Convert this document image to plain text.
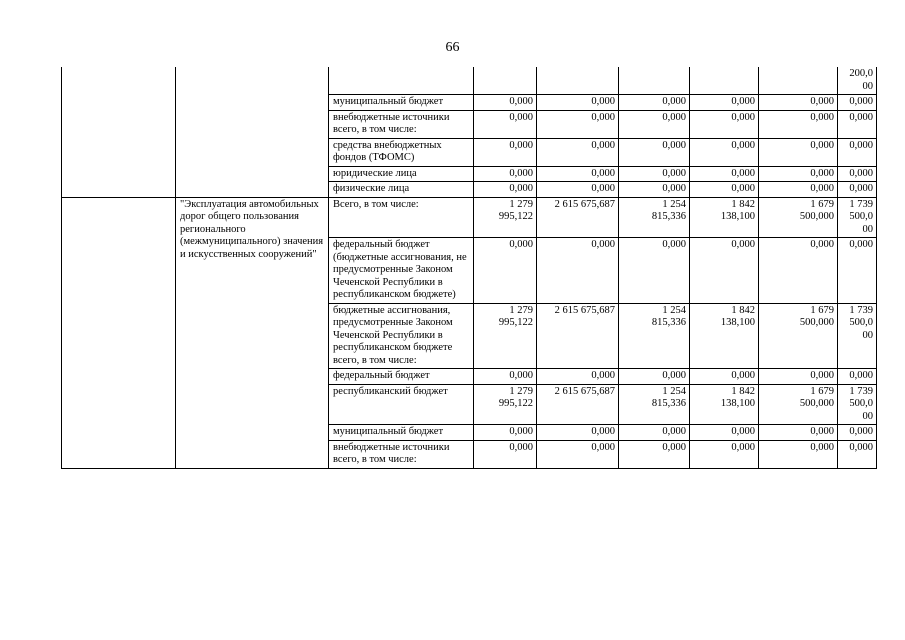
66
								200,0
00
		муниципальный бюджет	0,000	0,000	0,000	0,000	0,000	0,000
		внебюджетные источники всего, в том числе:	0,000	0,000	0,000	0,000	0,000	0,000
		средства внебюджетных фондов (ТФОМС)	0,000	0,000	0,000	0,000	0,000	0,000
		юридические лица	0,000	0,000	0,000	0,000	0,000	0,000
		физические лица	0,000	0,000	0,000	0,000	0,000	0,000
	"Эксплуатация автомобильных дорог общего пользования регионального (межмуниципального) значения и искусственных сооружений"	Всего, в том числе:	1 279
995,122	2 615 675,687	1 254
815,336	1 842
138,100	1 679
500,000	1 739
500,0
00
		федеральный бюджет (бюджетные ассигнования, не предусмотренные Законом Чеченской Республики в республиканском бюджете)	0,000	0,000	0,000	0,000	0,000	0,000
		бюджетные ассигнования, предусмотренные Законом Чеченской Республики в республиканском бюджете всего, в том числе:	1 279
995,122	2 615 675,687	1 254
815,336	1 842
138,100	1 679
500,000	1 739
500,0
00
		федеральный бюджет	0,000	0,000	0,000	0,000	0,000	0,000
		республиканский бюджет	1 279
995,122	2 615 675,687	1 254
815,336	1 842
138,100	1 679
500,000	1 739
500,0
00
		муниципальный бюджет	0,000	0,000	0,000	0,000	0,000	0,000
		внебюджетные источники всего, в том числе:	0,000	0,000	0,000	0,000	0,000	0,000
